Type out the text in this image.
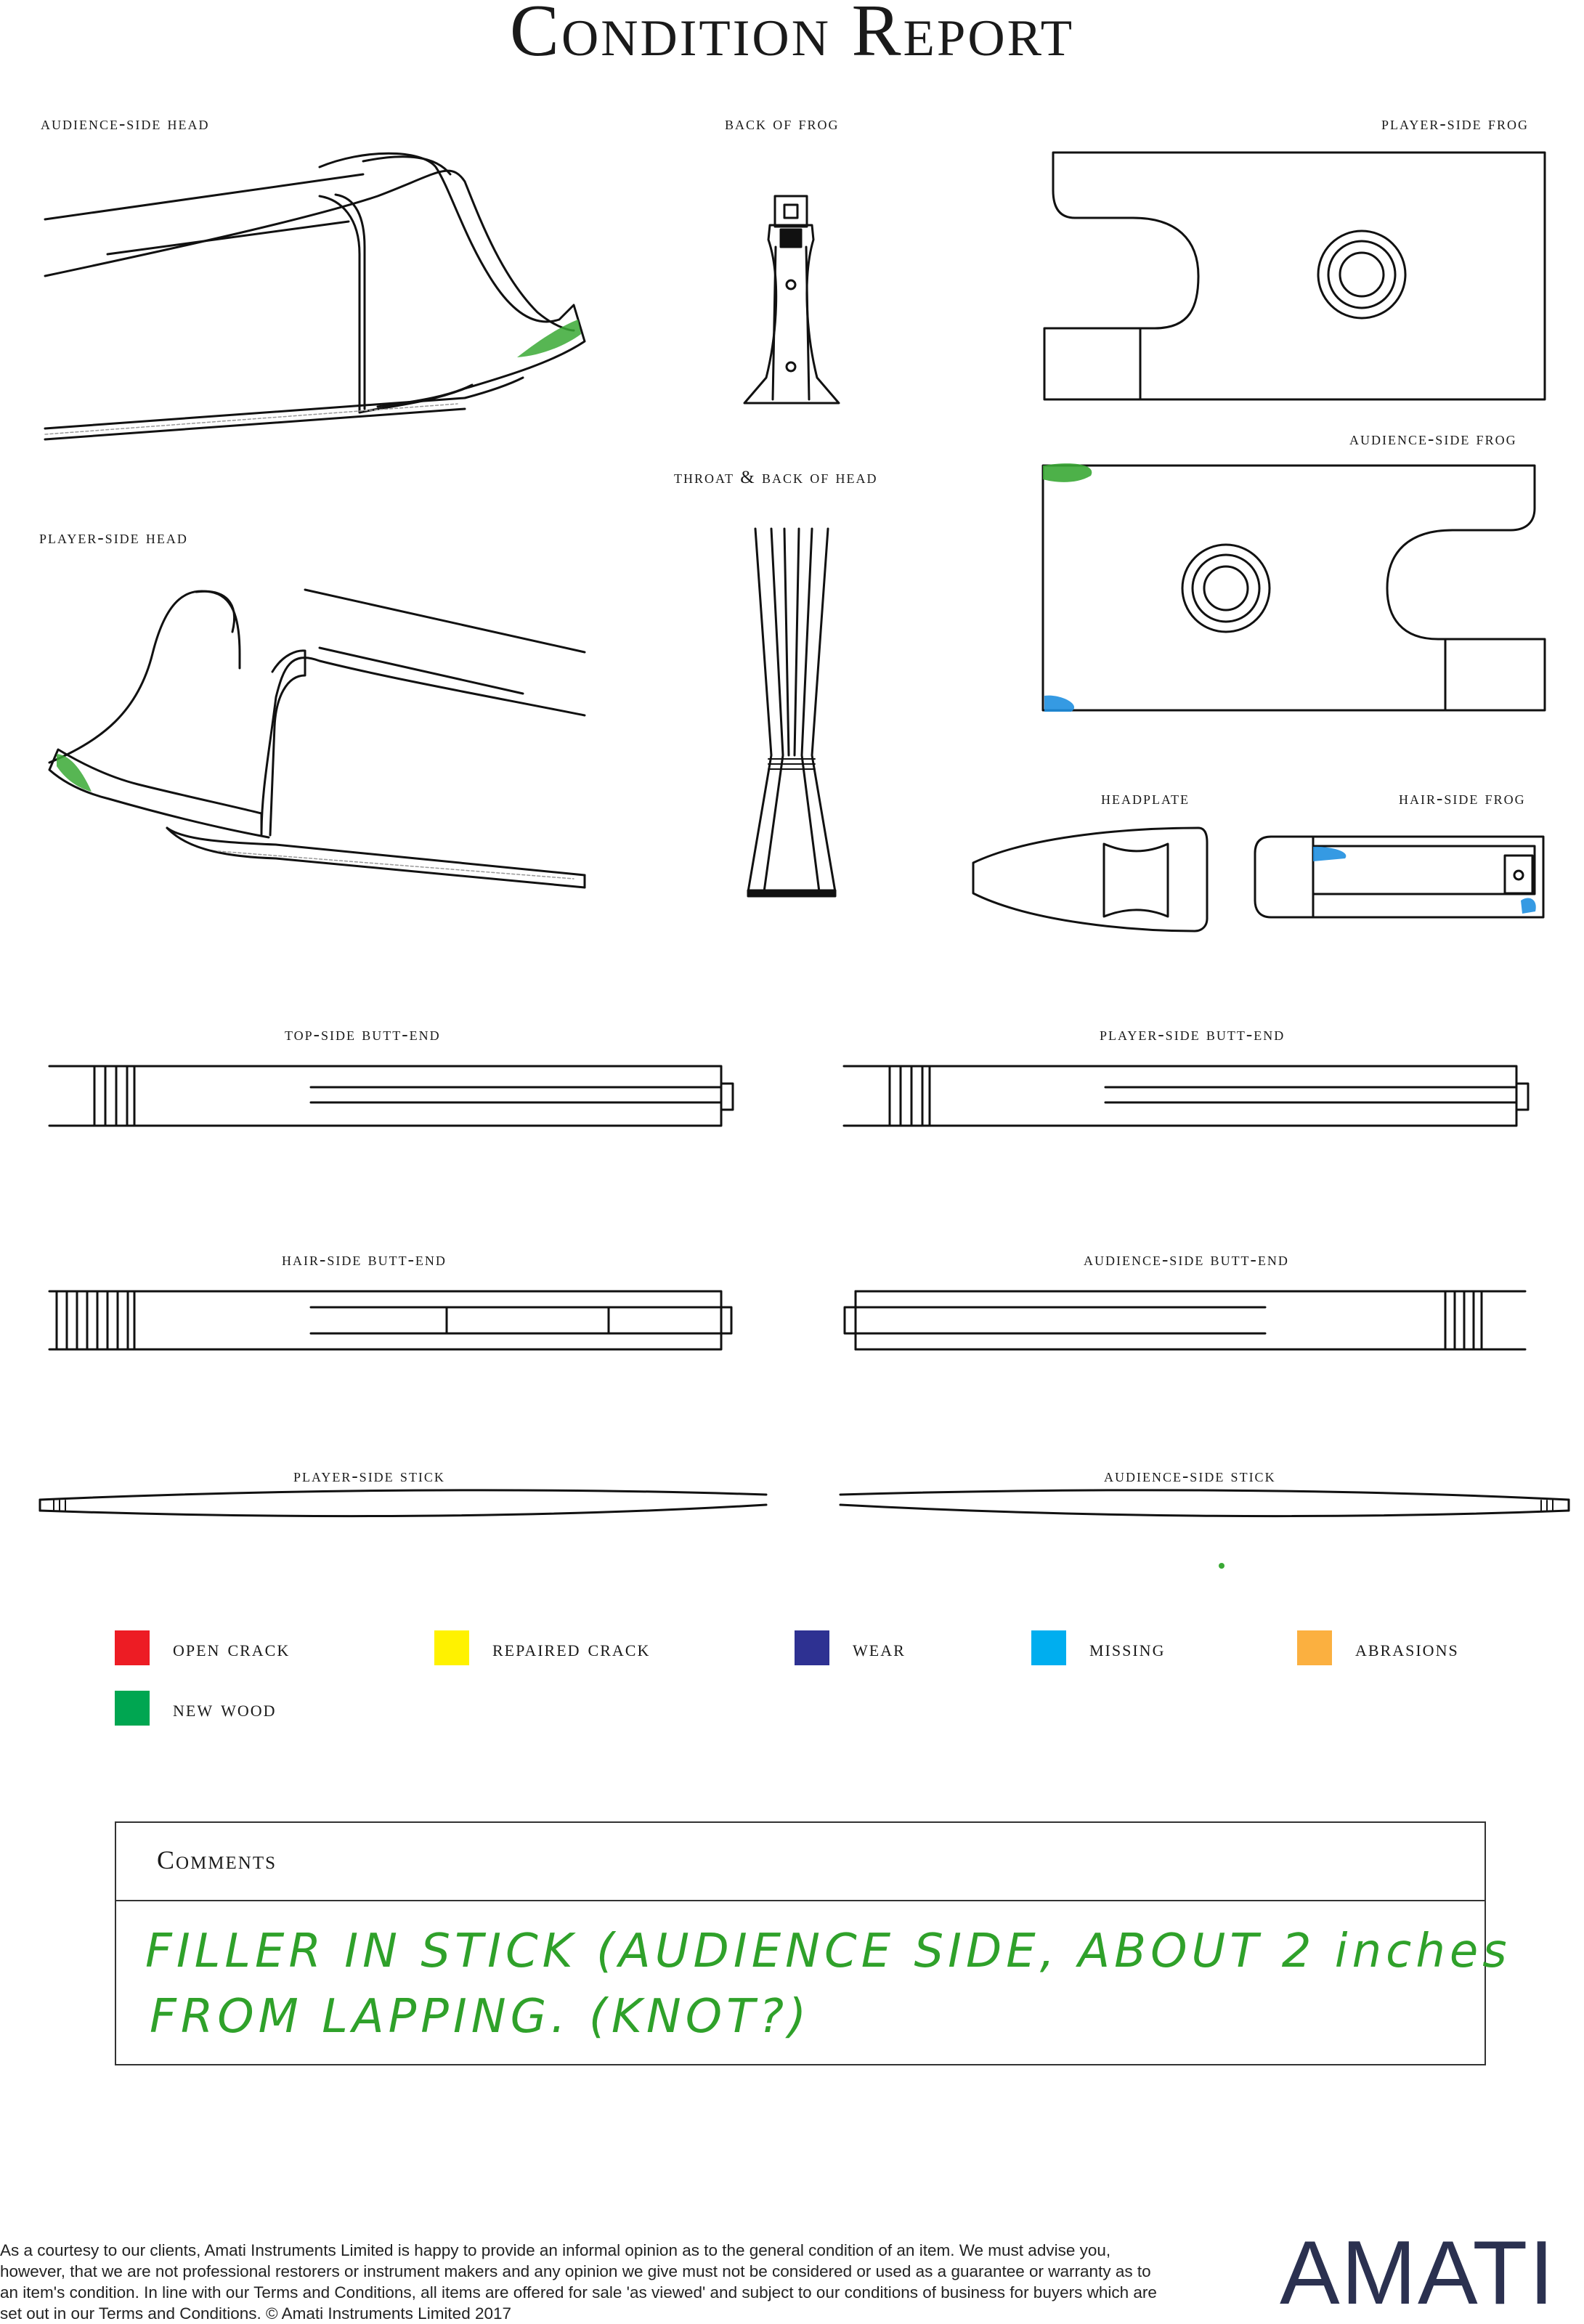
Condition Report
audience-side head	back of frog	player-side frog
audience-side frog
throat & back of head
player-side head
headplate	hair-side frog
top-side butt-end	player-side butt-end
hair-side butt-end	audience-side butt-end
player-side stick	audience-side stick
open crack	repaired crack	wear	missing	abrasions
new wood
Comments
FILLER IN STICK (AUDIENCE SIDE, ABOUT 2 inches
FROM LAPPING. (KNOT?)
As a courtesy to our clients, Amati Instruments Limited is happy to provide an informal opinion as to the general condition of an item. We must advise you, however, that we are not professional restorers or instrument makers and any opinion we give must not be considered or used as a guarantee or warranty as to an item's condition. In line with our Terms and Conditions, all items are offered for sale 'as viewed' and subject to our conditions of business for buyers which are set out in our Terms and Conditions. © Amati Instruments Limited 2017	AMATI
